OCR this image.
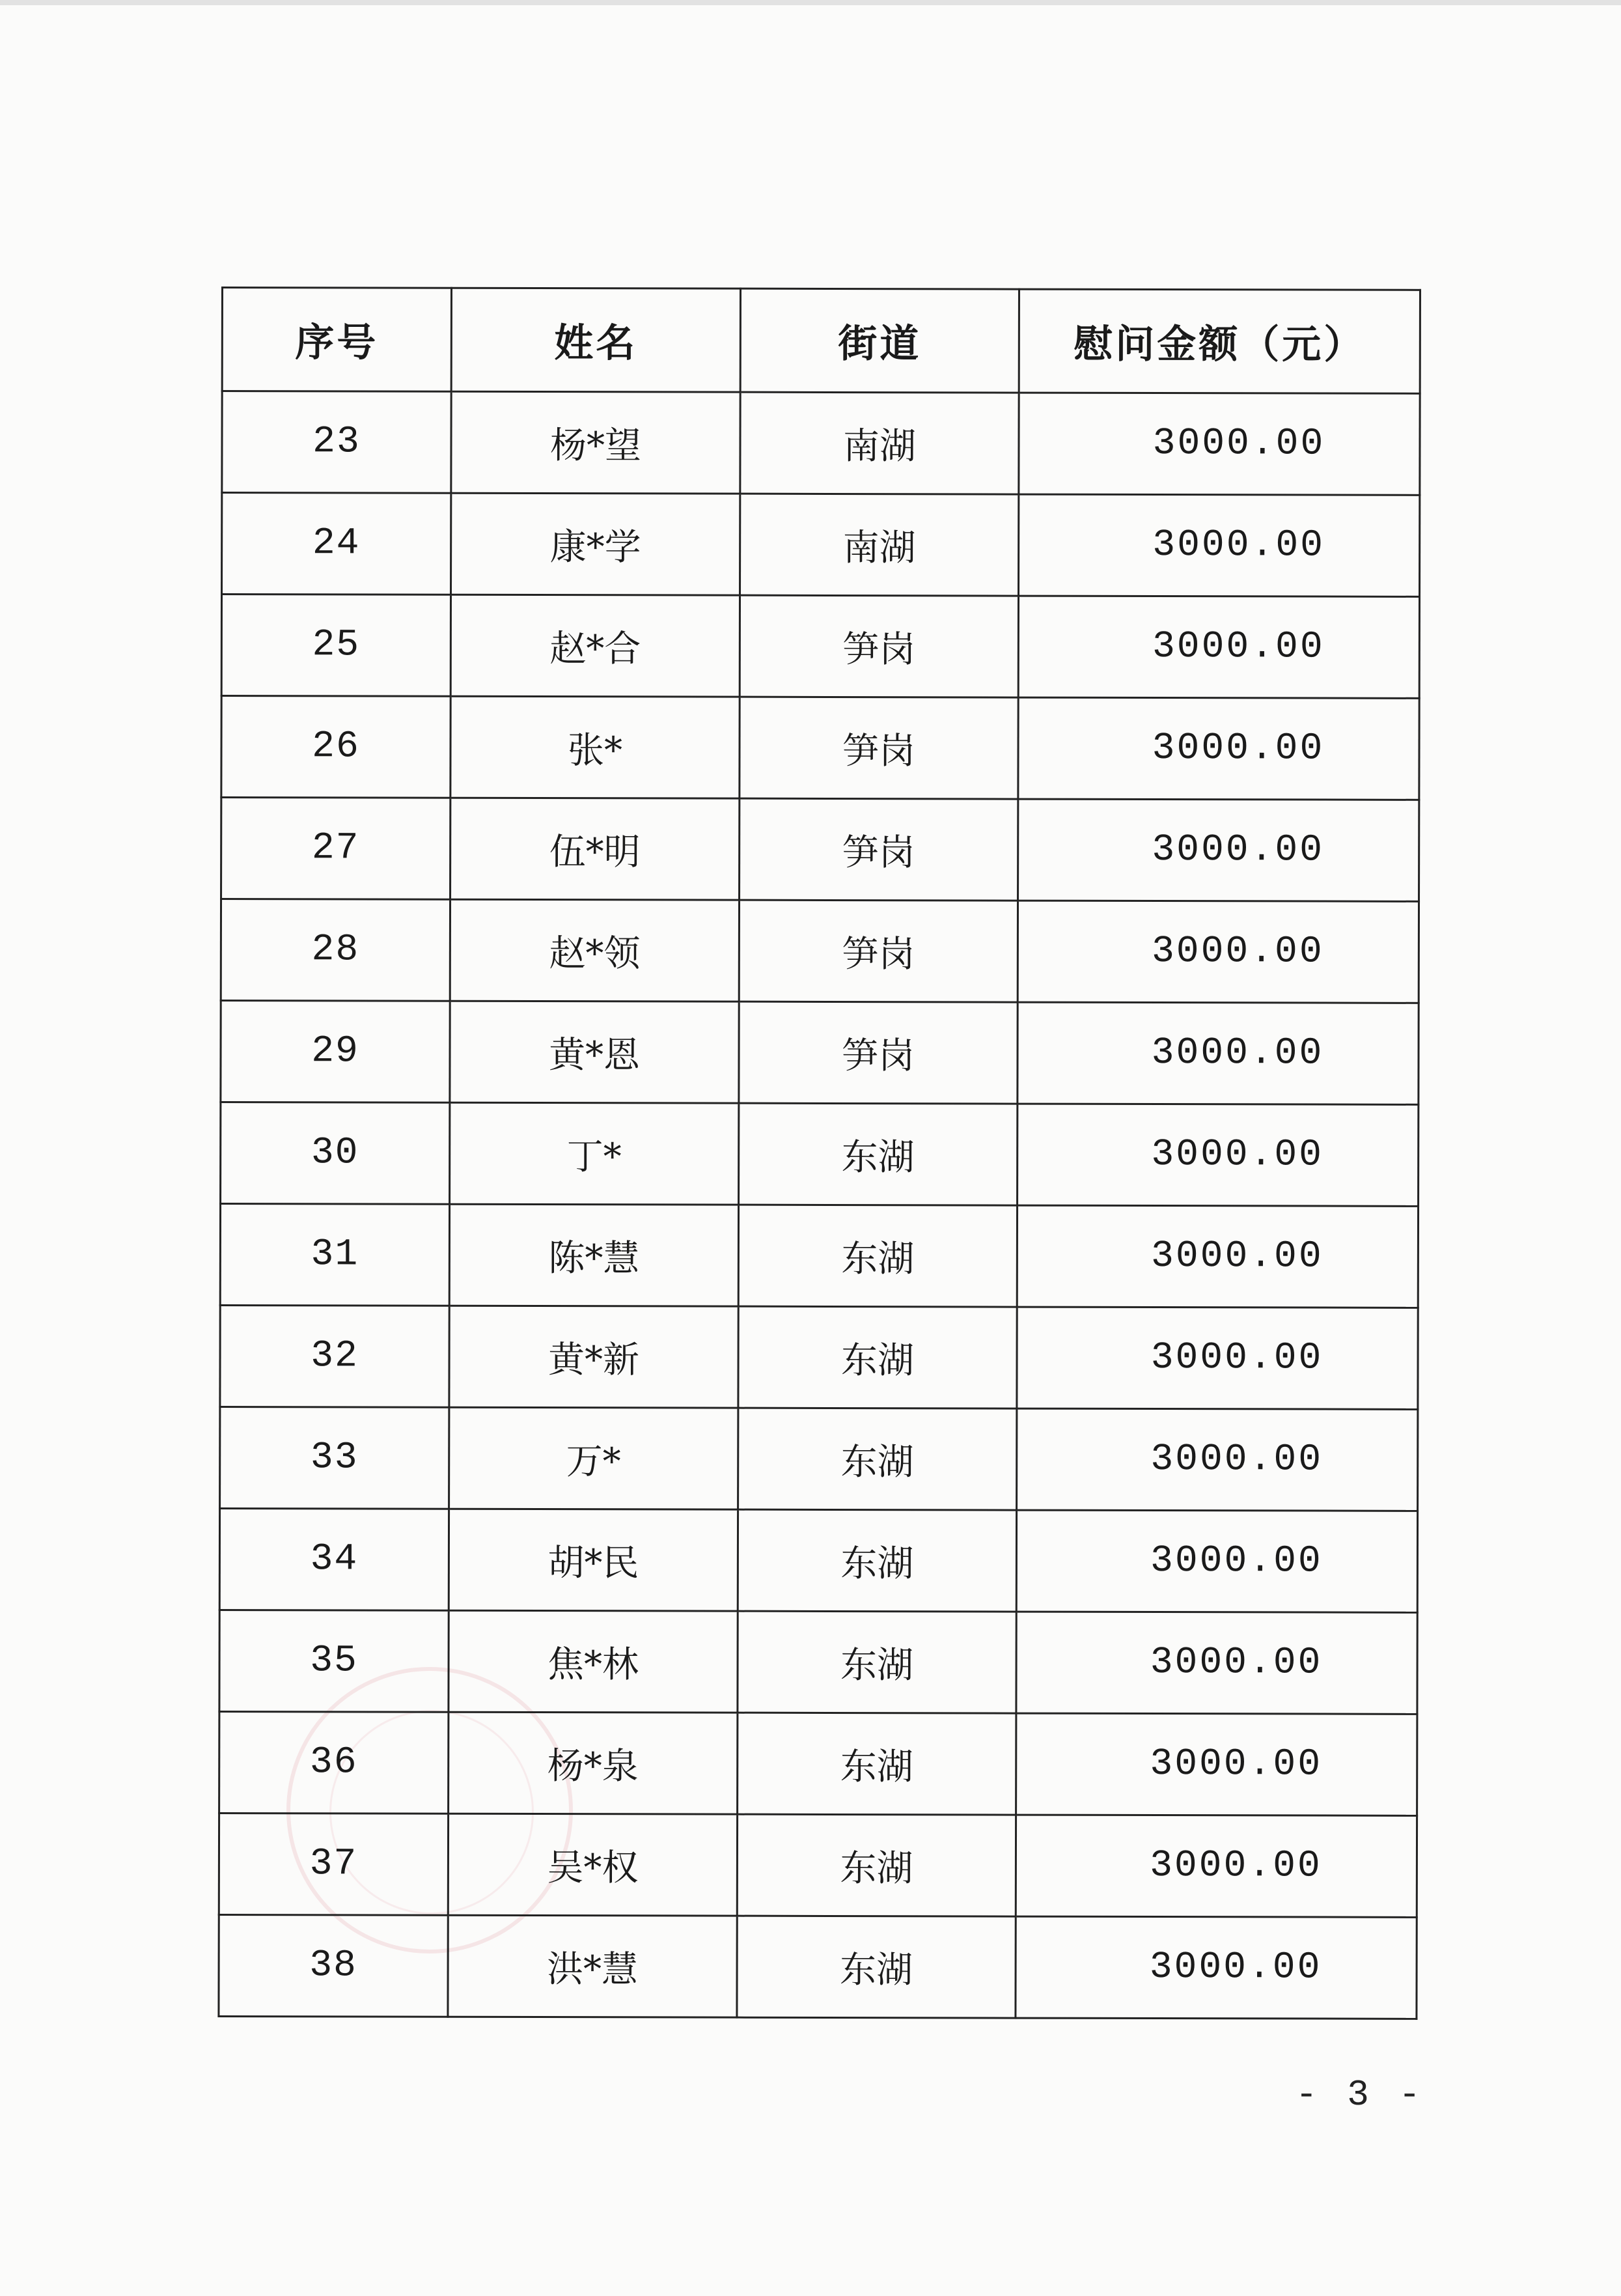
序号	姓名	街道	慰问金额（元）
23	杨*望	南湖	3000.00
24	康*学	南湖	3000.00
25	赵*合	笋岗	3000.00
26	张*	笋岗	3000.00
27	伍*明	笋岗	3000.00
28	赵*领	笋岗	3000.00
29	黄*恩	笋岗	3000.00
30	丁*	东湖	3000.00
31	陈*慧	东湖	3000.00
32	黄*新	东湖	3000.00
33	万*	东湖	3000.00
34	胡*民	东湖	3000.00
35	焦*林	东湖	3000.00
36	杨*泉	东湖	3000.00
37	吴*权	东湖	3000.00
38	洪*慧	东湖	3000.00
- 3 -
